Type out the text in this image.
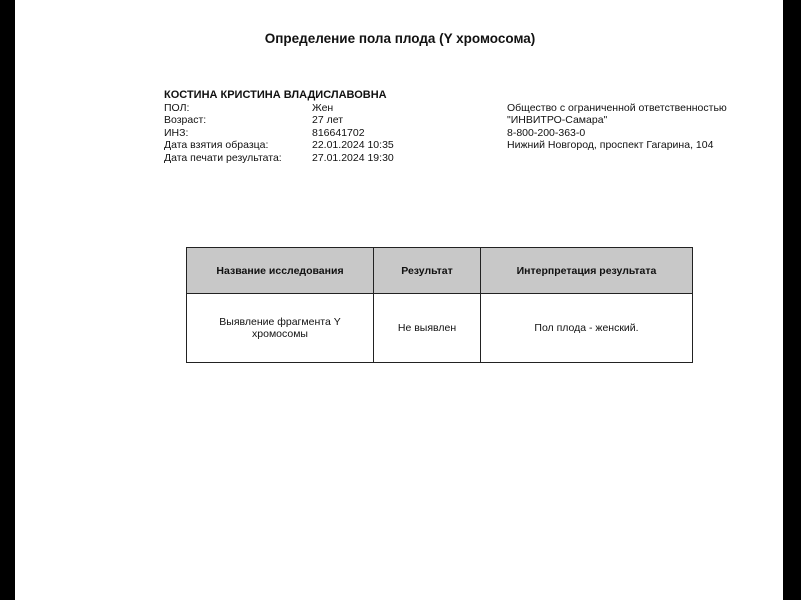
Определение пола плода (Y хромосома)
КОСТИНА КРИСТИНА ВЛАДИСЛАВОВНА
ПОЛ:	Жен
Возраст:	27 лет
ИНЗ:	816641702
Дата взятия образца:	22.01.2024 10:35
Дата печати результата:	27.01.2024 19:30
Общество с ограниченной ответственностью
"ИНВИТРО-Самара"
8-800-200-363-0
Нижний Новгород, проспект Гагарина, 104
Название исследования	Результат	Интерпретация результата
Выявление фрагмента Y хромосомы	Не выявлен	Пол плода - женский.
